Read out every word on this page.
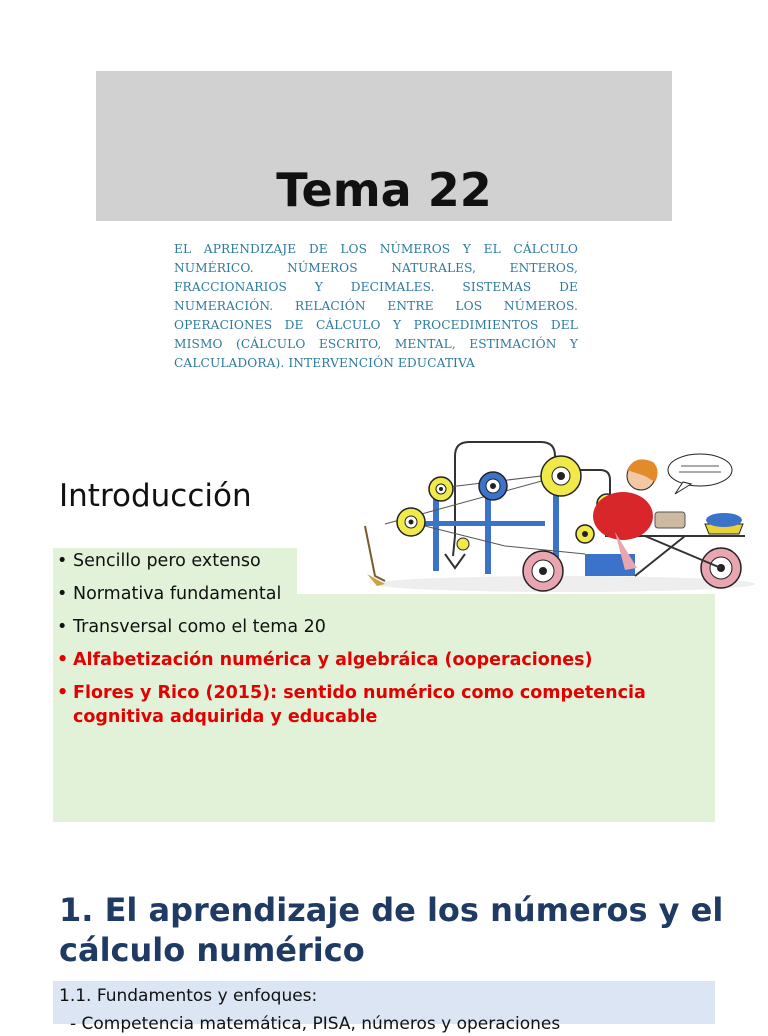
Tema 22

EL APRENDIZAJE DE LOS NÚMEROS Y EL CÁLCULO NUMÉRICO. NÚMEROS NATURALES, ENTEROS, FRACCIONARIOS Y DECIMALES. SISTEMAS DE NUMERACIÓN. RELACIÓN ENTRE LOS NÚMEROS. OPERACIONES DE CÁLCULO Y PROCEDIMIENTOS DEL MISMO (CÁLCULO ESCRITO, MENTAL, ESTIMACIÓN Y CALCULADORA). INTERVENCIÓN EDUCATIVA

Introducción
• Sencillo pero extenso
• Normativa fundamental
• Transversal como el tema 20
• Alfabetización numérica y algebráica (ooperaciones)
• Flores y Rico (2015): sentido numérico como competencia cognitiva adquirida y educable
1. El aprendizaje de los números y el cálculo numérico

1.1. Fundamentos y enfoques:

- Competencia matemática, PISA, números y operaciones
